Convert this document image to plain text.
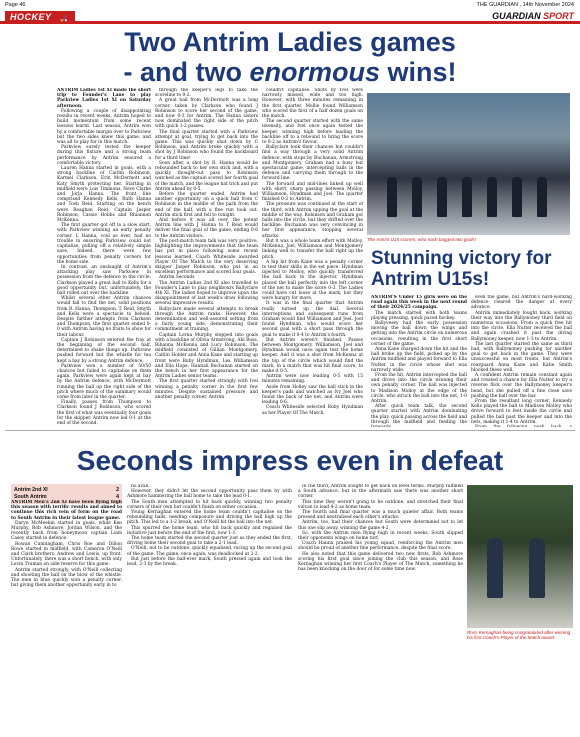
Page 46	THE GUARDIAN , 14th November 2024
HOCKEY	🏑	GUARDIAN SPORT
Two Antrim Ladies games
- and two enormous wins!

ANTRIM Ladies 1st XI made the short trip to Founder's Lane to play Parkview Ladies 1st XI on Saturday afternoon.

Following a couple of disappointing results in recent weeks, Antrim hoped to build momentum from some recent lessons learnt. Last season, Antrim won by a comfortable margin over to Parkview but the two sides knew this game, and was all to play for in this match.

Parkview surely tested the keeper during this fixture and a strong team performance by Antrim ensured a comfortable victory.

Lauren Hanna started in goals, with a strong backline of Caitlin Robinson, Karmel Clarkson, Erin McDermott and Katy Smyth protecting her. Starting in midfield were Lois Timmons, Neve Clarke and Jorja Hanna. The front line comprised Kennedy Kells, Ruth Hanna and Tosh Reid. Starting on the bench were Reaghan Reid, Captain Jasper Robinson, Cassie Hobbs and Rhiannon McKenna.

The first quarter got off to a slow start, with Parkview winning an early penalty corner. L Hanna, cool as ever, had no trouble in ensuring Parkview could not capitalise, pulling off a relatively simple save. Indeed, there were few opportunities from penalty corners for the home side.

In contrast, an onslaught of Antrim's attacking play saw Parkview in possession from the defence to the circle. Clarkson played a great ball to Kells for a good opportunity but, unfortunately, the ball rolled out over the backline.

Whilst several other Antrim chances would fall to find the net, solid positions from R. Hanna, Thompson, T. Reid, Smyth and Kells were a spectacle to behold. Despite further attempts from Clarkson and Thompson, the first quarter ended 0-0 with Antrim having no fruits to show for their labour.

Captain J Robinson entered the fray at the beginning of the second half, determined to shake things up. Parkview pushed forward but the whistle for tea kept a bay by a strong Antrim defence.

Parkview won a number of 50/50 chances but failed to capitalise on them again. Parkview were again kept at bay by the Antrim defence, with McDermott running the ball up the right side of the pitch where much of the summary would come from later in the quarter.

Finally, passes from Thompson to Clarkson found J Robinson, who scored the first of what was eventually four goals for the skipper. Antrim now led 0-1 at the end of the second.

through the keeper's legs to take the scoreline to 0-2.

A great ball from McDermott was a long corner, taken by Clarkson who found J Robinson to score her second of the game, and now 0-3 for Antrim. The Hanna sisters now dominated the right side of the pitch with quick 1-2 passes.

The final quarter started with a Parkview attempt at goal, trying to get back into the game. This was quickly shut down by C Robinson, and Antrim broke quickly with a shot by J Robinson who found the backboard for a third time!

Soon after, a shot by R. Hanna would be rebounded back to her own stick and, with a quickly thought-out pass to Robinson watched as the captain scored her fourth goal of the match, and the league hat trick and put Antrim ahead by 0-5.

Before the quarter ended, Antrim had another opportunity on a quick ball from C Robinson in the middle of the park from the end of the half, with a fine run took out. Antrim stick first and fell to tonight.

And before it was all over, the potent Antrim line with J Hanna to T Reid would deliver the final goal of the game, ending 0-6 to the Antrim visitors.

The post-match team talk was very positive, highlighting the improvements that the team has put in place following some recent lessons learned. Coach Whiteside awarded Player Of The Match to the very deserving skipper Jasper Robinson, who put in an excellent performance and scored four goals.

Antrim Seconds

The Antrim Ladies 2nd XI also travelled to Founder's Lane to play neighbours Ballyclare 4th XI. The ladies hoped to improve upon the disappointment of last week's draw following several impressive results.

Ballyclare made several attempts to break through the Antrim ranks. However, the determination and well-assured setting from a fairly young side, demonstrating their commitment at training.

Captain Lorna Murphy stepped into goals with a backline of Olivia Armstrong, Abi Ross, Rihanna McKenna and Lucy Robinson. The midfield consisted of Gillian Montgomery, Caitlin Holder and Anna Kane and starting up front were Ruby Hyndman, Lea Williamson and Ella Hope. Hannah Buchanan started on the bench in her first appearance for the Antrim Ladies senior teams.

The first quarter started strongly with Ivel winning a penalty corner in the first few minutes. Despite sustained pressure and another penalty corner, Antrim

couldn't capitalise. Shots by Ivel were narrowly missed, wide and too high. However, with three minutes remaining in the first quarter, Mollie found Williamson who scored the first of a half dozen goals on the match.

The second quarter started with the same intensity, and Ivel once again tested the keeper, winning high before leading the backline off to a rebound to bring the score to 0-2 as Antrim's favour.

Ballyclare took their chances but couldn't find a way through a very solid Antrim defence, with stops by Buchanan, Armstrong and Montgomery. Graham had a busy but spectacular game, intercepting balls in the defence and carrying them through to the forward line.

The forward and mid-lines linked up well with short, sharp passing between Molloy, Williamson, Hyndman and Joel. The quarter finished 0-2 to Antrim.

The pressure was continued at the start of the third, with Antrim upping the goal at the middle of the way. Robinson and Graham got balls into the circle, but they drifted over the backline. Buchanan was very convincing in her first appearance, stopping several attacks.

But it was a whole team effort with Molloy, McKenna, Joel, Williamson and Montgomery linking well to transfer the ball right up the pitch.

A hip hit from Kane was a penalty corner to test their skills in the set piece. Hyndman injected to Molloy, who quickly transferred the ball back to the injector. Hyndman placed the ball perfectly into the left corner of the net to make the score 0-3. The Ladies could have cut loose at the mark, but they were hungry for more.

It was in the final quarter that Antrim really turned up the dial. Several interceptions and subsequent runs from Graham would find Williamson and Joel. Joel found Hyndman, who would score her second goal with a short pass through the goal to make it 0-4 to Antrim's fourth.

But Antrim weren't finished. Passes between Montgomery, Williamson, Joel and Hyndman would once again test the home keeper. And it was a shot from McKenna at the top of the circle which would find the mark, in a match that was hit final score, to make it 0-5.

Antrim were now leading 0-5 with 15 minutes remaining.

Aside from Holley saw the ball stick in the keeper's pads and watched as Ivy Joel who found the back of the net, and Antrim were leading 0-6.

Coach Whiteside selected Ruby Hyndman as her Player Of The Match.

The Antrim U15 scorers, who each bagged two goals!
Stunning victory for Antrim U15s!

ANTRIM'S Under 15 girls were on the road again this week in the next round of their 2024/25 campaign.

The match started with both teams playing pressing, quick paced hockey.

Ballyvesey had the early possession moving the ball down the wings and getting into the Antrim circle on numerous occasions, resulting in the first short corner of the game.

Anna Kane charged down the hit and the ball broke up the field, picked up by the Antrim midfield and played forward to Ella Nutter in the circle whose shot was narrowly wide.

From the hit, Antrim intercepted the ball and drove into the circle winning their own penalty corner. The ball was injected to Madison Molloy at the edge of the circle, who struck the ball into the net, 1-0 Antrim.

After quick team talk, the second quarter started with Antrim dominating the play, quick passing across the field and through the midfield and feeding the

even the game, but Antrim's hard-working defence cleared the danger at every advance.

Antrim immediately fought back, working their way into the Ballymoney third field on numerous occasions. From a quick free hit into the circle, Ella Nutter received the ball and again crashed it past the diving Ballymoney keeper, now 1-3 to Antrim.

The last quarter started the same as third had, with Ballymoney pushing for another goal to get back in the game. They were unsuccessful on most fronts, but Antrim's rearguard Anna Kane and Katie Smith blocked these well.

A confident Antrim remain constant again and created a chance for Ella Nutter to try a reverse flick over the Ballymoney keeper's head, but she pulled off a fine close save pushing the ball over the bar.

From the resultant long corner, Kennedy Kells played the ball to Madison Molloy who drove forward to feet inside the circle and pulled the ball past the keeper and into the nets, making it 1-4 to Antrim.

Seconds impress even in defeat
Antrim 2nd XI	2
South Antrim	4

ANTRIM Men's 2nd XI have been flying high this season with terrific results and aimed to continue this rich vein of form on the road to South Antrim in their latest league game.

Daryn McMeekin started in goals, while Ken Murphy, Rob Ashmore, Jordan Wilson, and the recently back from honeymoon captain Liam Casey started in defence.

Rowan Cunningham, Chris Roe and Dillon Rowe started in midfield, with Cameron O'Neill and Clark brothers, Andrew and Lewis, up front. Unfortunately, there was a short bench, with only Levin Truman on side reserve for this game.

Antrim started strongly, with O'Neill collecting and shooting the ball on the blow of the whistle. The men in blue quickly won a penalty corner, but giving them another opportunity early in to

no avail.

However, they didn't let the second opportunity pass them by with Ashmore hammering the ball home to take the lead 0-1.

The South men attempted to hit back quickly, winning two penalty corners of their own but couldn't finish on either occasion.

Young Kernaghan entered the home team couldn't capitalise on the rebounding balls, needing composure and driving the ball high up the pitch. This led to a 1-2 break, and O'Neill hit the ball into the net.

This spurred the home team, who hit back quickly and regained the initiative just before the end of the first, now 1-1.

The home team started the second quarter just as they ended the first, driving home their second goal to take a 2-1 lead.

O'Neill, not to be outdone, quickly equalised, racing up the second goal of the game. The game, once again, was deadlocked at 2-2.

But just before the half-ever mark, South pressed again and took the lead, 2-3 by the break.

In the third, Antrim sought to get back on level terms. Murphy fulfilled a South advance, but in the aftermath saw there was another short corner.

This time they weren't going to be outdone, and stretched their final vulcan to lead 4-2 as home team.

The fourth and final quarter was a much quieter affair. Both teams pressed and neutralised each other's attacks.

Antrim, too, had their chances but South were determined not to let this one slip away, winning the game 4-2.

So, with the Antrim men flying high in recent weeks, South slipped their opponents wings on home turf.

Coach Hanna praised his young squad, reinforcing the Antrim men should be proud of another fine performance, despite the final score.

He also noted that this game delivered two new firsts, Rob Ashmore scoring his first goal since joining the club this season, and Rose Kernaghan winning her first Coach's Player of The Match, something he has been knocking on the door of for some time now.

Ross Kernaghan being congratulated after winning his first Coach's Player of the Match award.
